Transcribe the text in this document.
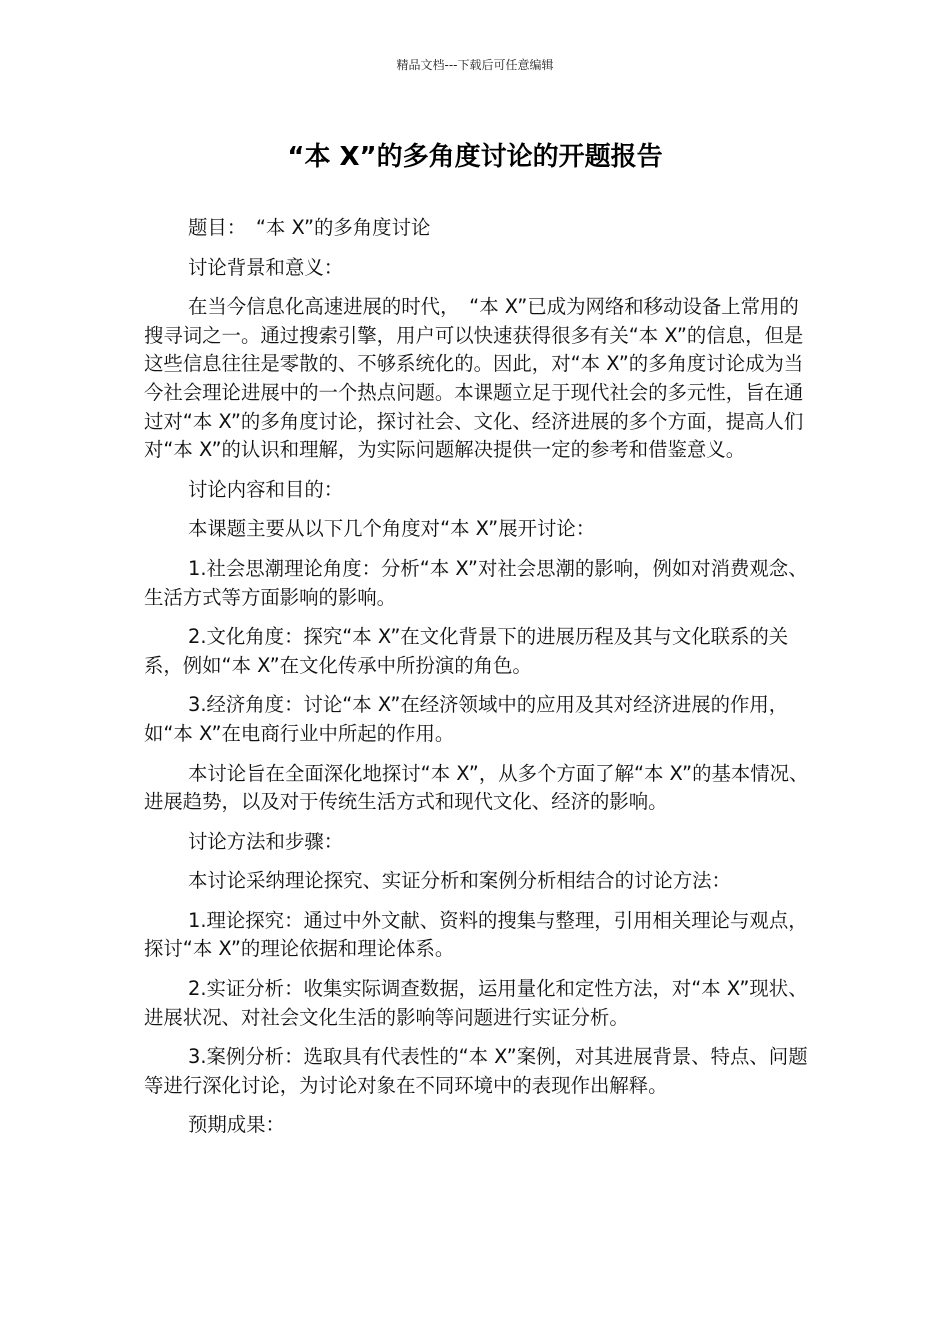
精品文档---下载后可任意编辑
“本 X”的多角度讨论的开题报告

题目：　“本 X”的多角度讨论

讨论背景和意义：

在当今信息化高速进展的时代，　“本 X”已成为网络和移动设备上常用的搜寻词之一。通过搜索引擎，用户可以快速获得很多有关“本 X”的信息，但是这些信息往往是零散的、不够系统化的。因此，对“本 X”的多角度讨论成为当今社会理论进展中的一个热点问题。本课题立足于现代社会的多元性，旨在通过对“本 X”的多角度讨论，探讨社会、文化、经济进展的多个方面，提高人们对“本 X”的认识和理解，为实际问题解决提供一定的参考和借鉴意义。

讨论内容和目的：

本课题主要从以下几个角度对“本 X”展开讨论：

1.社会思潮理论角度：分析“本 X”对社会思潮的影响，例如对消费观念、生活方式等方面影响的影响。

2.文化角度：探究“本 X”在文化背景下的进展历程及其与文化联系的关系，例如“本 X”在文化传承中所扮演的角色。

3.经济角度：讨论“本 X”在经济领域中的应用及其对经济进展的作用，如“本 X”在电商行业中所起的作用。

本讨论旨在全面深化地探讨“本 X”，从多个方面了解“本 X”的基本情况、进展趋势，以及对于传统生活方式和现代文化、经济的影响。

讨论方法和步骤：

本讨论采纳理论探究、实证分析和案例分析相结合的讨论方法：

1.理论探究：通过中外文献、资料的搜集与整理，引用相关理论与观点，探讨“本 X”的理论依据和理论体系。

2.实证分析：收集实际调查数据，运用量化和定性方法，对“本 X”现状、进展状况、对社会文化生活的影响等问题进行实证分析。

3.案例分析：选取具有代表性的“本 X”案例，对其进展背景、特点、问题等进行深化讨论，为讨论对象在不同环境中的表现作出解释。

预期成果：
